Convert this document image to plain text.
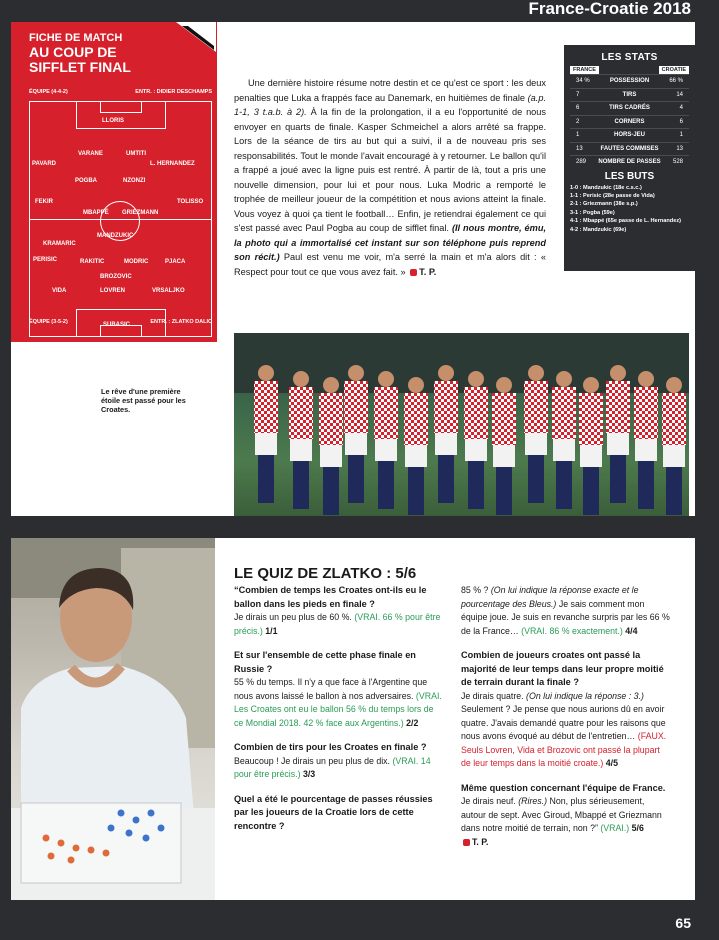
France-Croatie 2018
FICHE DE MATCH
AU COUP DE
SIFFLET FINAL
ÉQUIPE (4-4-2)	ENTR. : DIDIER DESCHAMPS
LLORIS
VARANE	UMTITI
PAVARD	L. HERNANDEZ
POGBA	NZONZI
FEKIR	TOLISSO
MBAPPÉ GRIEZMANN
MANDZUKIC
KRAMARIC
PERISIC	RAKITIC	MODRIC	PJACA
BROZOVIC
VIDA	LOVREN	VRSALJKO
SUBASIC
ÉQUIPE (3-5-2)	ENTR. : ZLATKO DALIC

Une dernière histoire résume notre destin et ce qu'est ce sport : les deux penalties que Luka a frappés face au Danemark, en huitièmes de finale (a.p. 1-1, 3 t.a.b. à 2). À la fin de la prolongation, il a eu l'opportunité de nous envoyer en quarts de finale. Kasper Schmeichel a alors arrêté sa frappe. Lors de la séance de tirs au but qui a suivi, il a de nouveau pris ses responsabilités. Tout le monde l'avait encouragé à y retourner. Le ballon qu'il a frappé a joué avec la ligne puis est rentré. À partir de là, tout a pris une nouvelle dimension, pour lui et pour nous. Luka Modric a remporté le trophée de meilleur joueur de la compétition et nous avions atteint la finale. Vous voyez à quoi ça tient le football… Enfin, je retiendrai également ce qui s'est passé avec Paul Pogba au coup de sifflet final. (Il nous montre, ému, la photo qui a immortalisé cet instant sur son téléphone puis reprend son récit.) Paul est venu me voir, m'a serré la main et m'a alors dit : « Respect pour tout ce que vous avez fait. » T. P.

LES STATS
FRANCE	CROATIE
34 %	POSSESSION	66 %
7	TIRS	14
6	TIRS CADRÉS	4
2	CORNERS	6
1	HORS-JEU	1
13	FAUTES COMMISES	13
289	NOMBRE DE PASSES	528
LES BUTS
1-0 : Mandzukic (18e c.s.c.)
1-1 : Perisic (28e passe de Vida)
2-1 : Griezmann (38e s.p.)
3-1 : Pogba (59e)
4-1 : Mbappé (65e passe de L. Hernandez)
4-2 : Mandzukic (69e)
Le rêve d'une première étoile est passé pour les Croates.
LE QUIZ DE ZLATKO : 5/6
“Combien de temps les Croates ont-ils eu le ballon dans les pieds en finale ?
Je dirais un peu plus de 60 %. (VRAI. 66 % pour être précis.) 1/1
Et sur l'ensemble de cette phase finale en Russie ?
55 % du temps. Il n'y a que face à l'Argentine que nous avons laissé le ballon à nos adversaires. (VRAI. Les Croates ont eu le ballon 56 % du temps lors de ce Mondial 2018. 42 % face aux Argentins.) 2/2
Combien de tirs pour les Croates en finale ?
Beaucoup ! Je dirais un peu plus de dix. (VRAI. 14 pour être précis.) 3/3
Quel a été le pourcentage de passes réussies par les joueurs de la Croatie lors de cette rencontre ?
85 % ? (On lui indique la réponse exacte et le pourcentage des Bleus.) Je sais comment mon équipe joue. Je suis en revanche surpris par les 66 % de la France… (VRAI. 86 % exactement.) 4/4
Combien de joueurs croates ont passé la majorité de leur temps dans leur propre moitié de terrain durant la finale ?
Je dirais quatre. (On lui indique la réponse : 3.) Seulement ? Je pense que nous aurions dû en avoir quatre. J'avais demandé quatre pour les raisons que nous avons évoqué au début de l'entretien… (FAUX. Seuls Lovren, Vida et Brozovic ont passé la plupart de leur temps dans la moitié croate.) 4/5
Même question concernant l'équipe de France.
Je dirais neuf. (Rires.) Non, plus sérieusement, autour de sept. Avec Giroud, Mbappé et Griezmann dans notre moitié de terrain, non ?” (VRAI.) 5/6
T. P.
65
